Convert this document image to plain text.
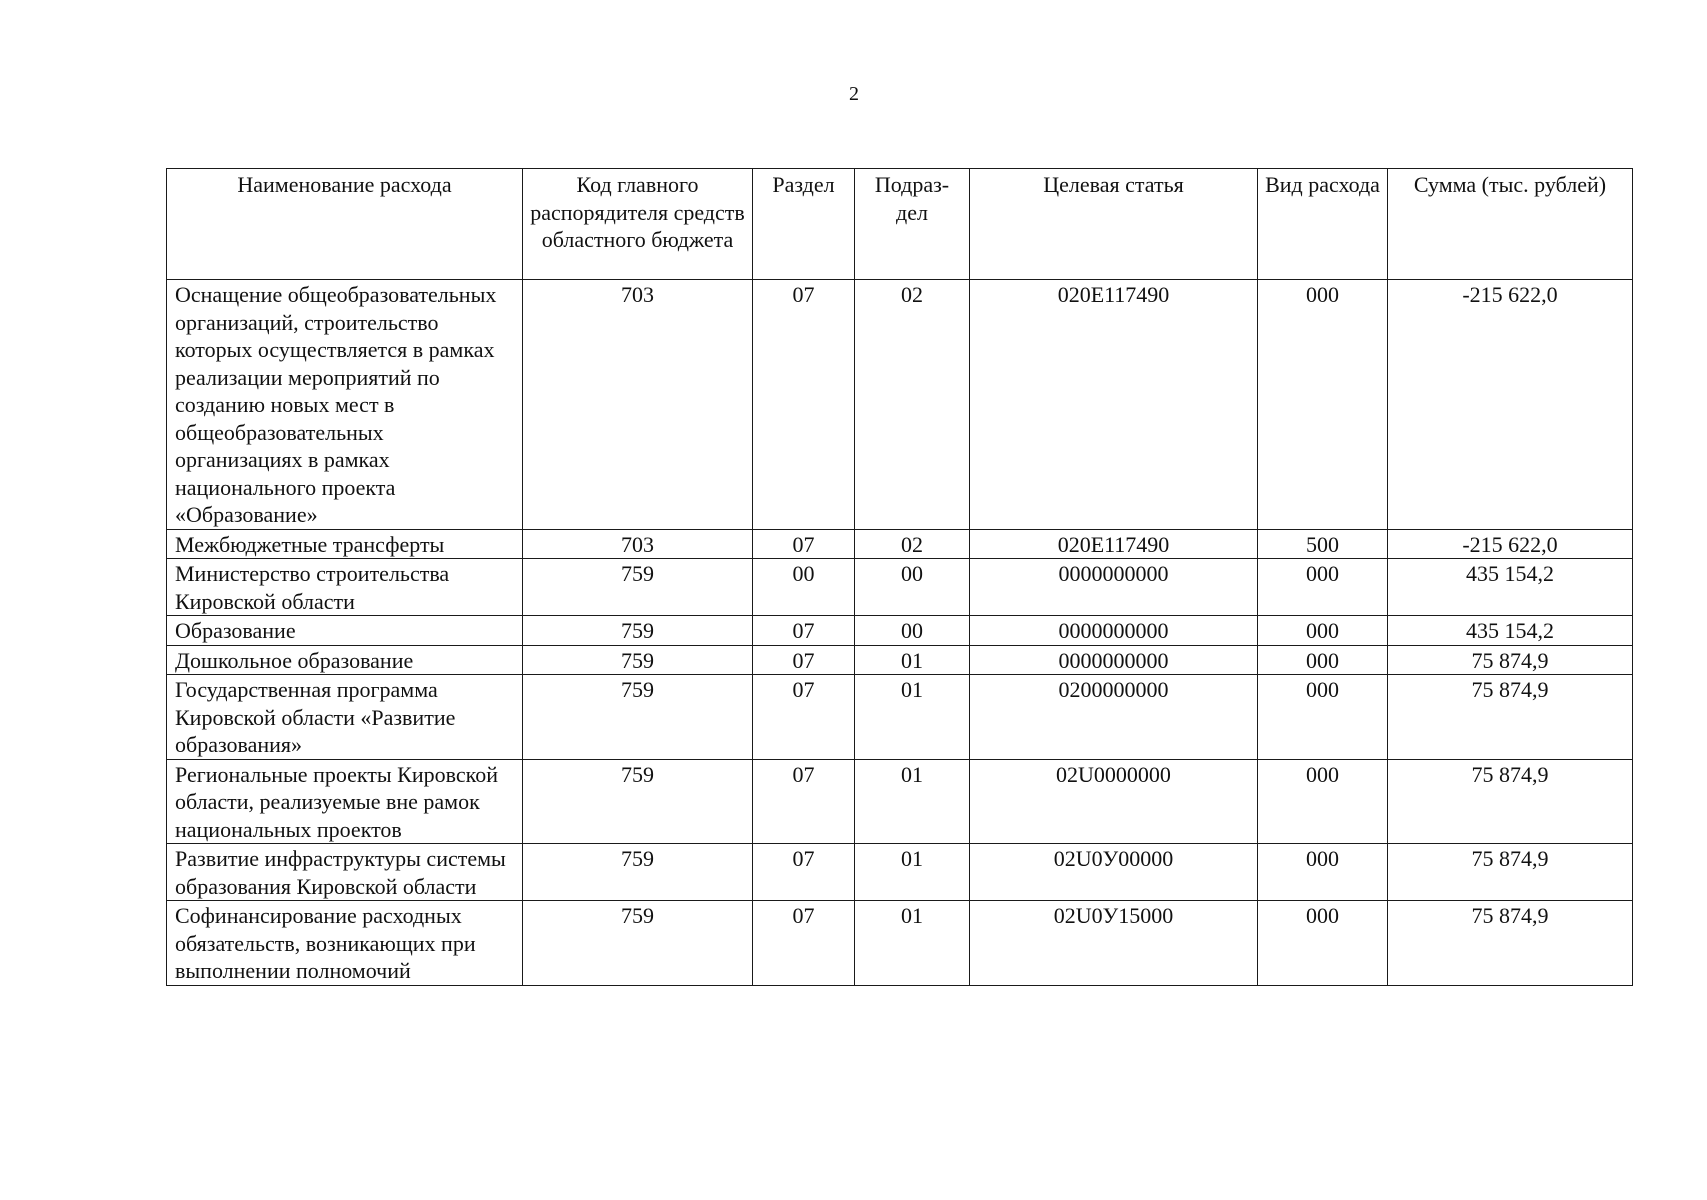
2
Наименование расхода	Код главного распорядителя средств областного бюджета	Раздел	Подраз-дел	Целевая статья	Вид расхода	Сумма (тыс. рублей)
Оснащение общеобразовательных организаций, строительство которых осуществляется в рамках реализации мероприятий по созданию новых мест в общеобразовательных организациях в рамках национального проекта «Образование»	703	07	02	020Е117490	000	-215 622,0
Межбюджетные трансферты	703	07	02	020Е117490	500	-215 622,0
Министерство строительства Кировской области	759	00	00	0000000000	000	435 154,2
Образование	759	07	00	0000000000	000	435 154,2
Дошкольное образование	759	07	01	0000000000	000	75 874,9
Государственная программа Кировской области «Развитие образования»	759	07	01	0200000000	000	75 874,9
Региональные проекты Кировской области, реализуемые вне рамок национальных проектов	759	07	01	02U0000000	000	75 874,9
Развитие инфраструктуры системы образования Кировской области	759	07	01	02U0У00000	000	75 874,9
Софинансирование расходных обязательств, возникающих при выполнении полномочий	759	07	01	02U0У15000	000	75 874,9
